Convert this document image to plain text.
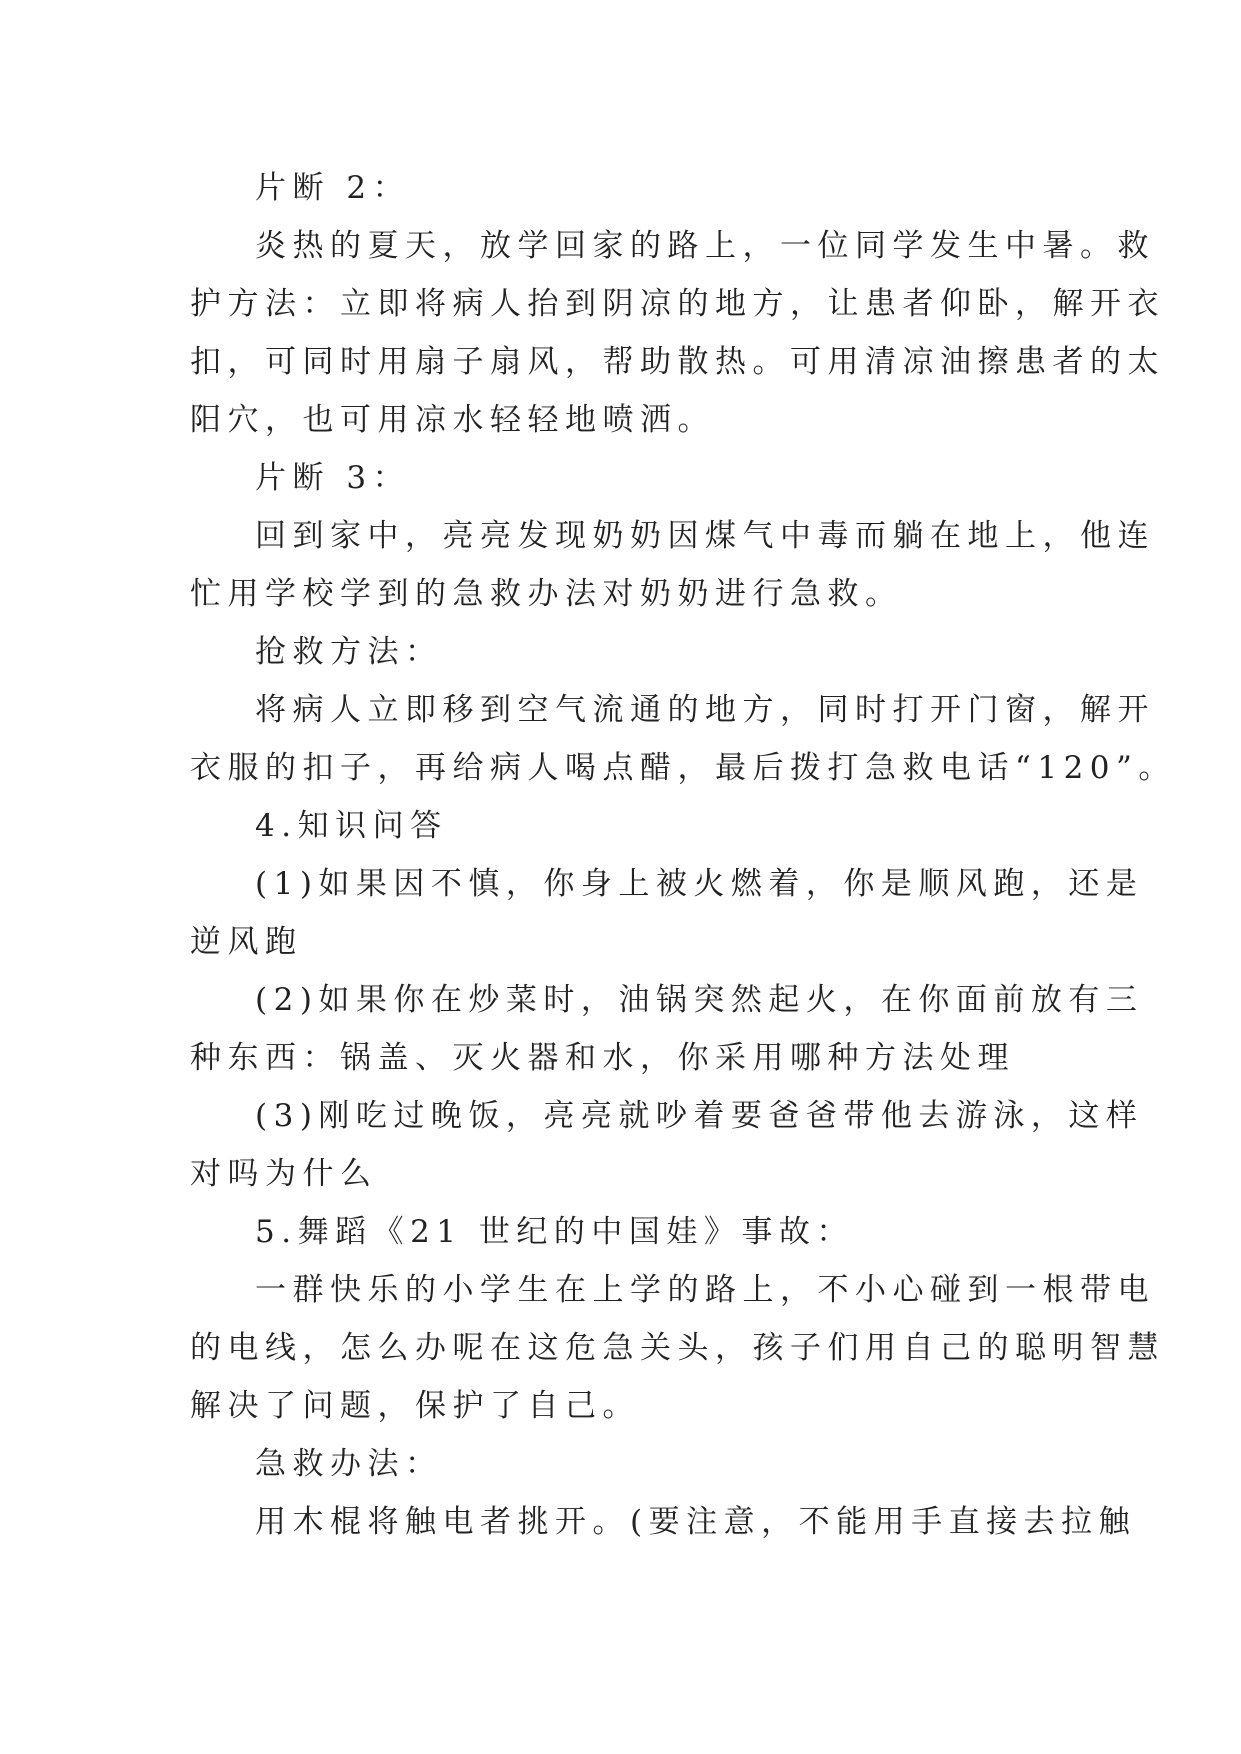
片断 2：
炎热的夏天，放学回家的路上，一位同学发生中暑。救
护方法：立即将病人抬到阴凉的地方，让患者仰卧，解开衣
扣，可同时用扇子扇风，帮助散热。可用清凉油擦患者的太
阳穴，也可用凉水轻轻地喷洒。
片断 3：
回到家中，亮亮发现奶奶因煤气中毒而躺在地上，他连
忙用学校学到的急救办法对奶奶进行急救。
抢救方法：
将病人立即移到空气流通的地方，同时打开门窗，解开
衣服的扣子，再给病人喝点醋，最后拨打急救电话“120”。
4.知识问答
(1)如果因不慎，你身上被火燃着，你是顺风跑，还是
逆风跑
(2)如果你在炒菜时，油锅突然起火，在你面前放有三
种东西：锅盖、灭火器和水，你采用哪种方法处理
(3)刚吃过晚饭，亮亮就吵着要爸爸带他去游泳，这样
对吗为什么
5.舞蹈《21 世纪的中国娃》事故：
一群快乐的小学生在上学的路上，不小心碰到一根带电
的电线，怎么办呢在这危急关头，孩子们用自己的聪明智慧
解决了问题，保护了自己。
急救办法：
用木棍将触电者挑开。(要注意，不能用手直接去拉触
